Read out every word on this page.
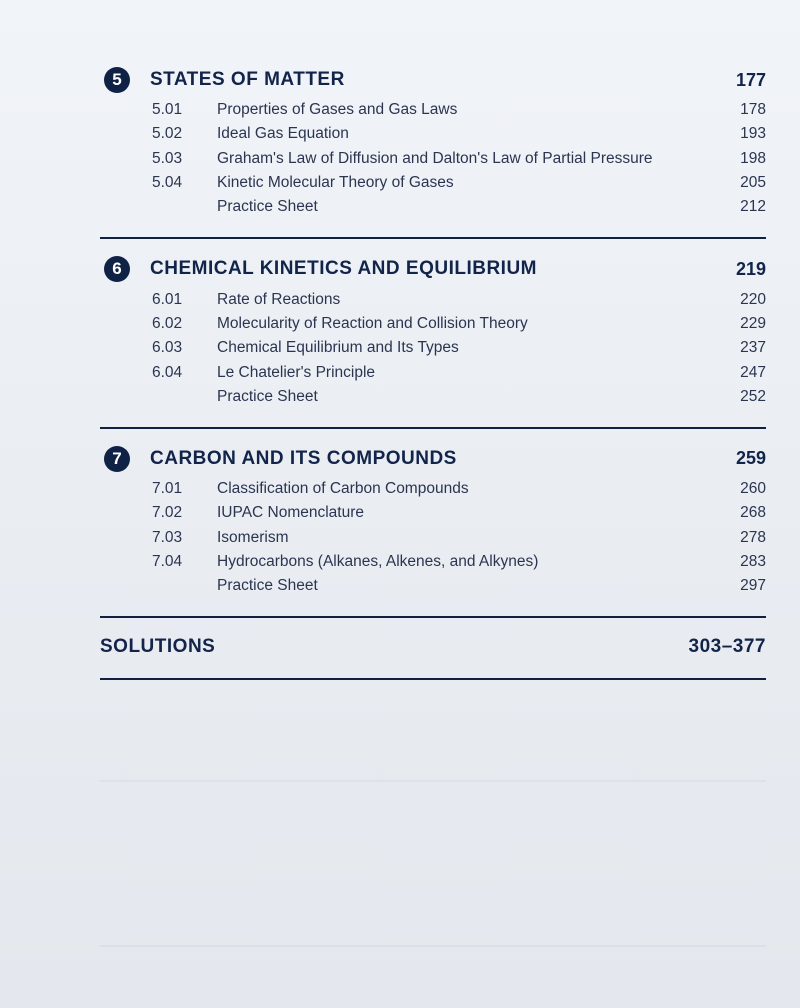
5	STATES OF MATTER	177
5.01	Properties of Gases and Gas Laws	178
5.02	Ideal Gas Equation	193
5.03	Graham's Law of Diffusion and Dalton's Law of Partial Pressure	198
5.04	Kinetic Molecular Theory of Gases	205
Practice Sheet	212
6	CHEMICAL KINETICS AND EQUILIBRIUM	219
6.01	Rate of Reactions	220
6.02	Molecularity of Reaction and Collision Theory	229
6.03	Chemical Equilibrium and Its Types	237
6.04	Le Chatelier's Principle	247
Practice Sheet	252
7	CARBON AND ITS COMPOUNDS	259
7.01	Classification of Carbon Compounds	260
7.02	IUPAC Nomenclature	268
7.03	Isomerism	278
7.04	Hydrocarbons (Alkanes, Alkenes, and Alkynes)	283
Practice Sheet	297
SOLUTIONS	303–377
